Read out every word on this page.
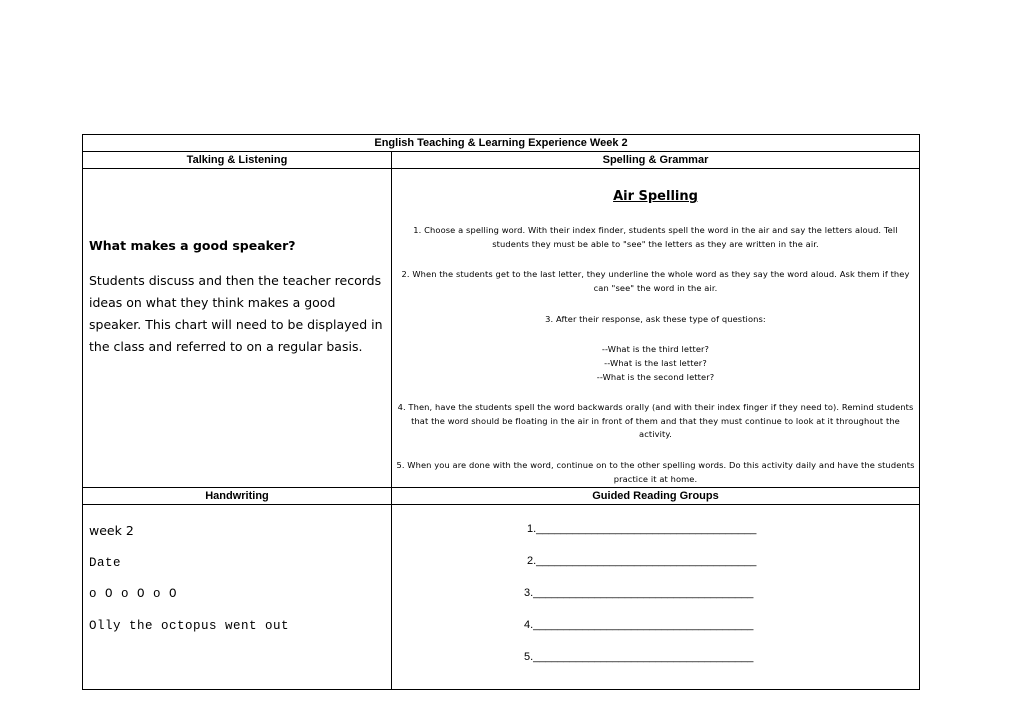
English Teaching & Learning Experience Week 2
Talking & Listening	Spelling & Grammar
What makes a good speaker?
Students discuss and then the teacher records ideas on what they think makes a good speaker. This chart will need to be displayed in the class and referred to on a regular basis.
Air Spelling
1. Choose a spelling word. With their index finder, students spell the word in the air and say the letters aloud. Tell students they must be able to "see" the letters as they are written in the air.
2. When the students get to the last letter, they underline the whole word as they say the word aloud. Ask them if they can "see" the word in the air.
3. After their response, ask these type of questions:
--What is the third letter?
--What is the last letter?
--What is the second letter?
4. Then, have the students spell the word backwards orally (and with their index finger if they need to). Remind students that the word should be floating in the air in front of them and that they must continue to look at it throughout the activity.
5. When you are done with the word, continue on to the other spelling words. Do this activity daily and have the students practice it at home.
Handwriting	Guided Reading Groups
week 2
Date
o O o O o O
Olly the octopus went out
1.____________________________________
2.____________________________________
3.____________________________________
4.____________________________________
5.____________________________________
